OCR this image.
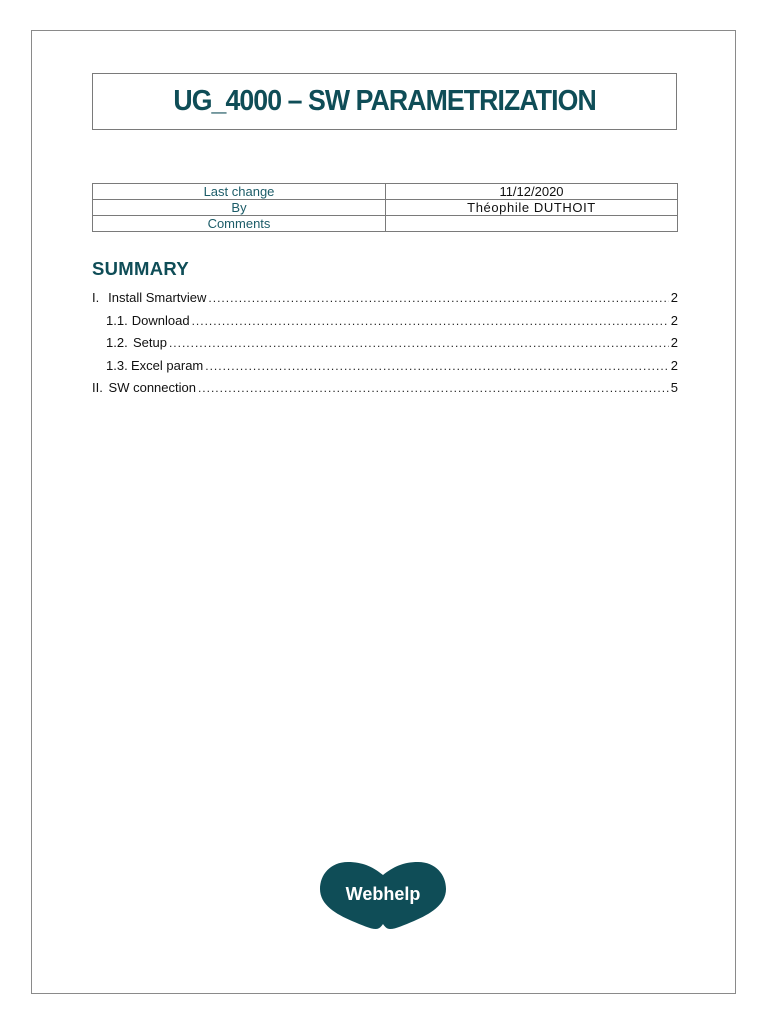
UG_4000 – SW PARAMETRIZATION
Last change	11/12/2020
By	Théophile DUTHOIT
Comments	
SUMMARY
I. Install Smartview .....	2
1.1. Download .....	2
1.2. Setup .....	2
1.3. Excel param .....	2
II. SW connection .....	5
Webhelp
